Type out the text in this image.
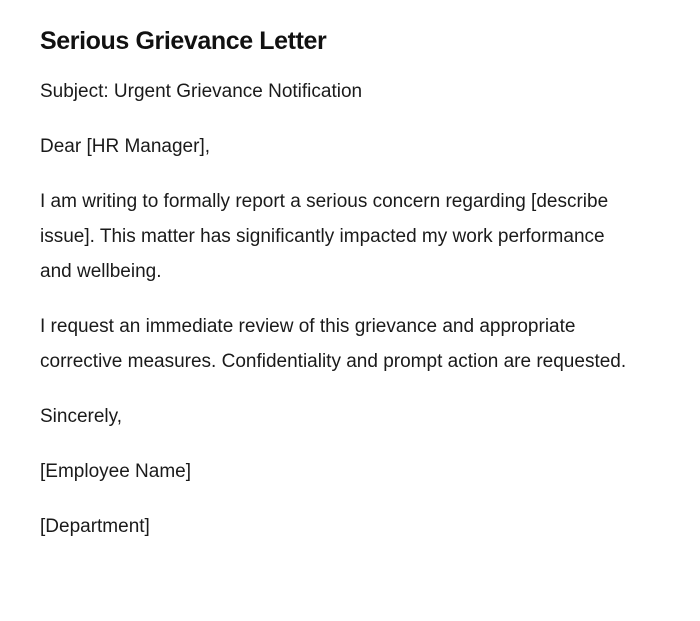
Serious Grievance Letter

Subject: Urgent Grievance Notification

Dear [HR Manager],

I am writing to formally report a serious concern regarding [describe issue]. This matter has significantly impacted my work performance and wellbeing.

I request an immediate review of this grievance and appropriate corrective measures. Confidentiality and prompt action are requested.

Sincerely,

[Employee Name]

[Department]
